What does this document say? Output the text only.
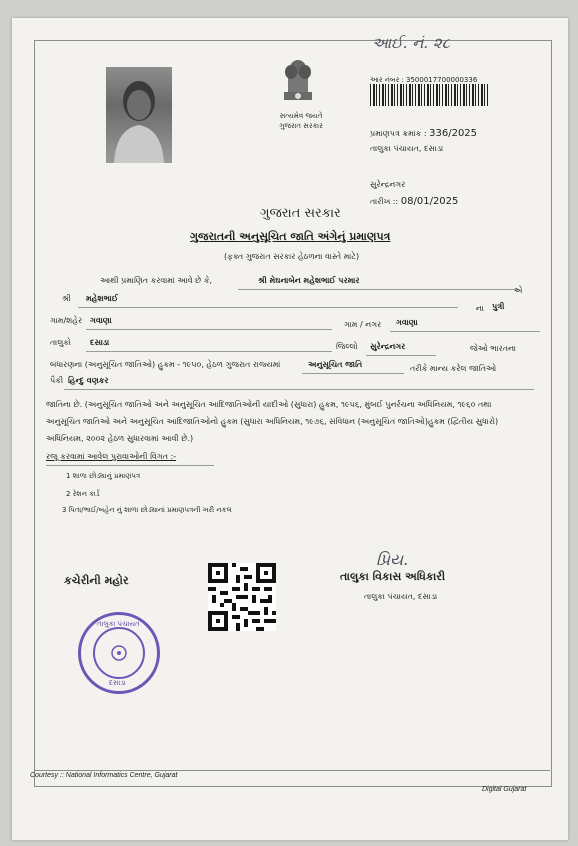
આઈ. નં. ૨૮
સત્યમેવ જયતે
ગુજરાત સરકાર
આર નંબર : 3500017700000336
પ્રમાણપત્ર ક્રમાંક : 336/2025
તાલુકા પંચાયત, દસાડા
સુરેન્દ્રનગર
તારીખ :: 08/01/2025
ગુજરાત સરકાર
ગુજરાતની અનુસૂચિત જાતિ અંગેનું પ્રમાણપત્ર
(ફક્ત ગુજરાત સરકાર હેઠળના વાસ્તે માટે)
આથી પ્રમાણિત કરવામાં આવે છે કે,	શ્રી મેઘનાબેન મહેશભાઈ પરમાર
એ
શ્રી મહેશભાઈ
ના પુત્રી
ગામ/શહેર ગવાણા	ગામ / નગર ગવાણા
તાલુકો દસાડા	જિલ્લો સુરેન્દ્રનગર	જેઓ ભારતના
બંધારણના (અનુસૂચિત જાતિઓ) હુકમ - ૧૯૫૦, હેઠળ ગુજરાત રાજ્યમાં	અનુસૂચિત જાતિ	તરીકે માન્ય કરેલ જાતિઓ
પૈકી હિન્દુ વણકર
જાતિના છે. (અનુસૂચિત જાતિઓ અને અનુસૂચિત આદિજાતિઓની યાદીઓ (સુધારા) હુકમ, ૧૯૫૬, મુંબઈ પુનર્રચના અધિનિયમ, ૧૯૬૦ તથા અનુસૂચિત જાતિઓ અને અનુસૂચિત આદિજાતિઓનો હુકમ (સુધારા અધિનિયમ, ૧૯૭૬, સંવિધાન (અનુસૂચિત જાતિઓ)હુકમ (દ્વિતીય સુધારો) અધિનિયમ, ૨૦૦૨ હેઠળ સુધારવામાં આવી છે.)
રજૂ કરવામાં આવેલ પુરાવાઓની વિગત :-
1 શાળા છોડ્યાનું પ્રમાણપત્ર
2 રેશન કાર્ડ
3 પિતા/ભાઈ/બહેન નું શાળા છોડ્યાનાં પ્રમાણપત્રની ખરી નકલ
કચેરીની મહોર
પ્રિય.
તાલુકા વિકાસ અધિકારી
તાલુકા પંચાયત, દસાડા
તાલુકા પંચાયત
દસાડા
Courtesy :: National Informatics Centre, Gujarat
Digital Gujarat
